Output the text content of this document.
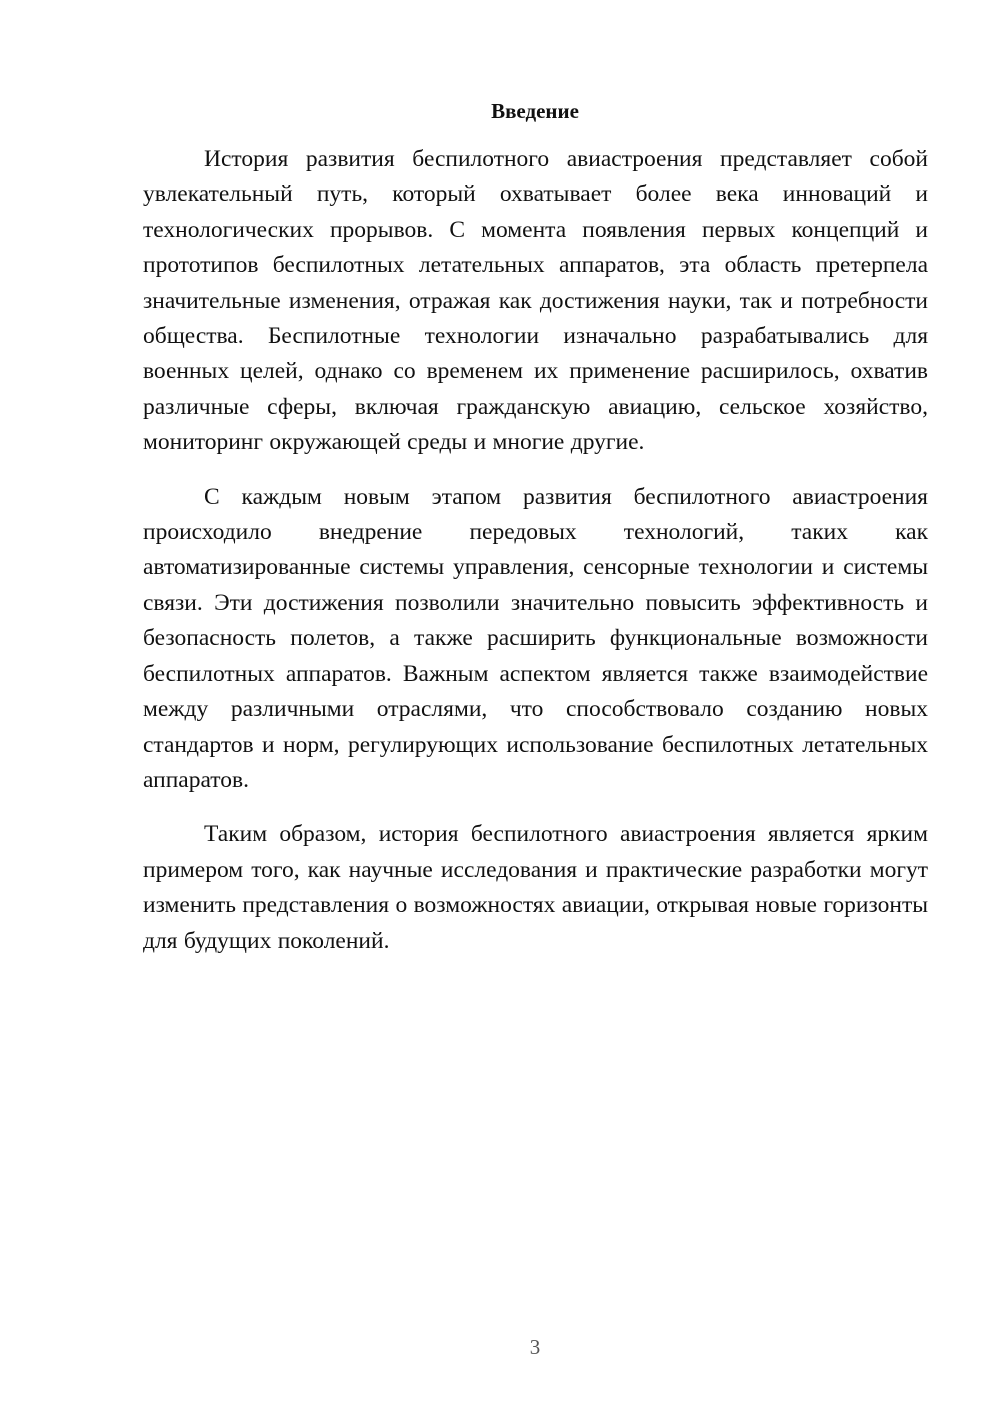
Введение

История развития беспилотного авиастроения представляет собой увлекательный путь, который охватывает более века инноваций и технологических прорывов. С момента появления первых концепций и прототипов беспилотных летательных аппаратов, эта область претерпела значительные изменения, отражая как достижения науки, так и потребности общества. Беспилотные технологии изначально разрабатывались для военных целей, однако со временем их применение расширилось, охватив различные сферы, включая гражданскую авиацию, сельское хозяйство, мониторинг окружающей среды и многие другие.

С каждым новым этапом развития беспилотного авиастроения происходило внедрение передовых технологий, таких как автоматизированные системы управления, сенсорные технологии и системы связи. Эти достижения позволили значительно повысить эффективность и безопасность полетов, а также расширить функциональные возможности беспилотных аппаратов. Важным аспектом является также взаимодействие между различными отраслями, что способствовало созданию новых стандартов и норм, регулирующих использование беспилотных летательных аппаратов.

Таким образом, история беспилотного авиастроения является ярким примером того, как научные исследования и практические разработки могут изменить представления о возможностях авиации, открывая новые горизонты для будущих поколений.

3
